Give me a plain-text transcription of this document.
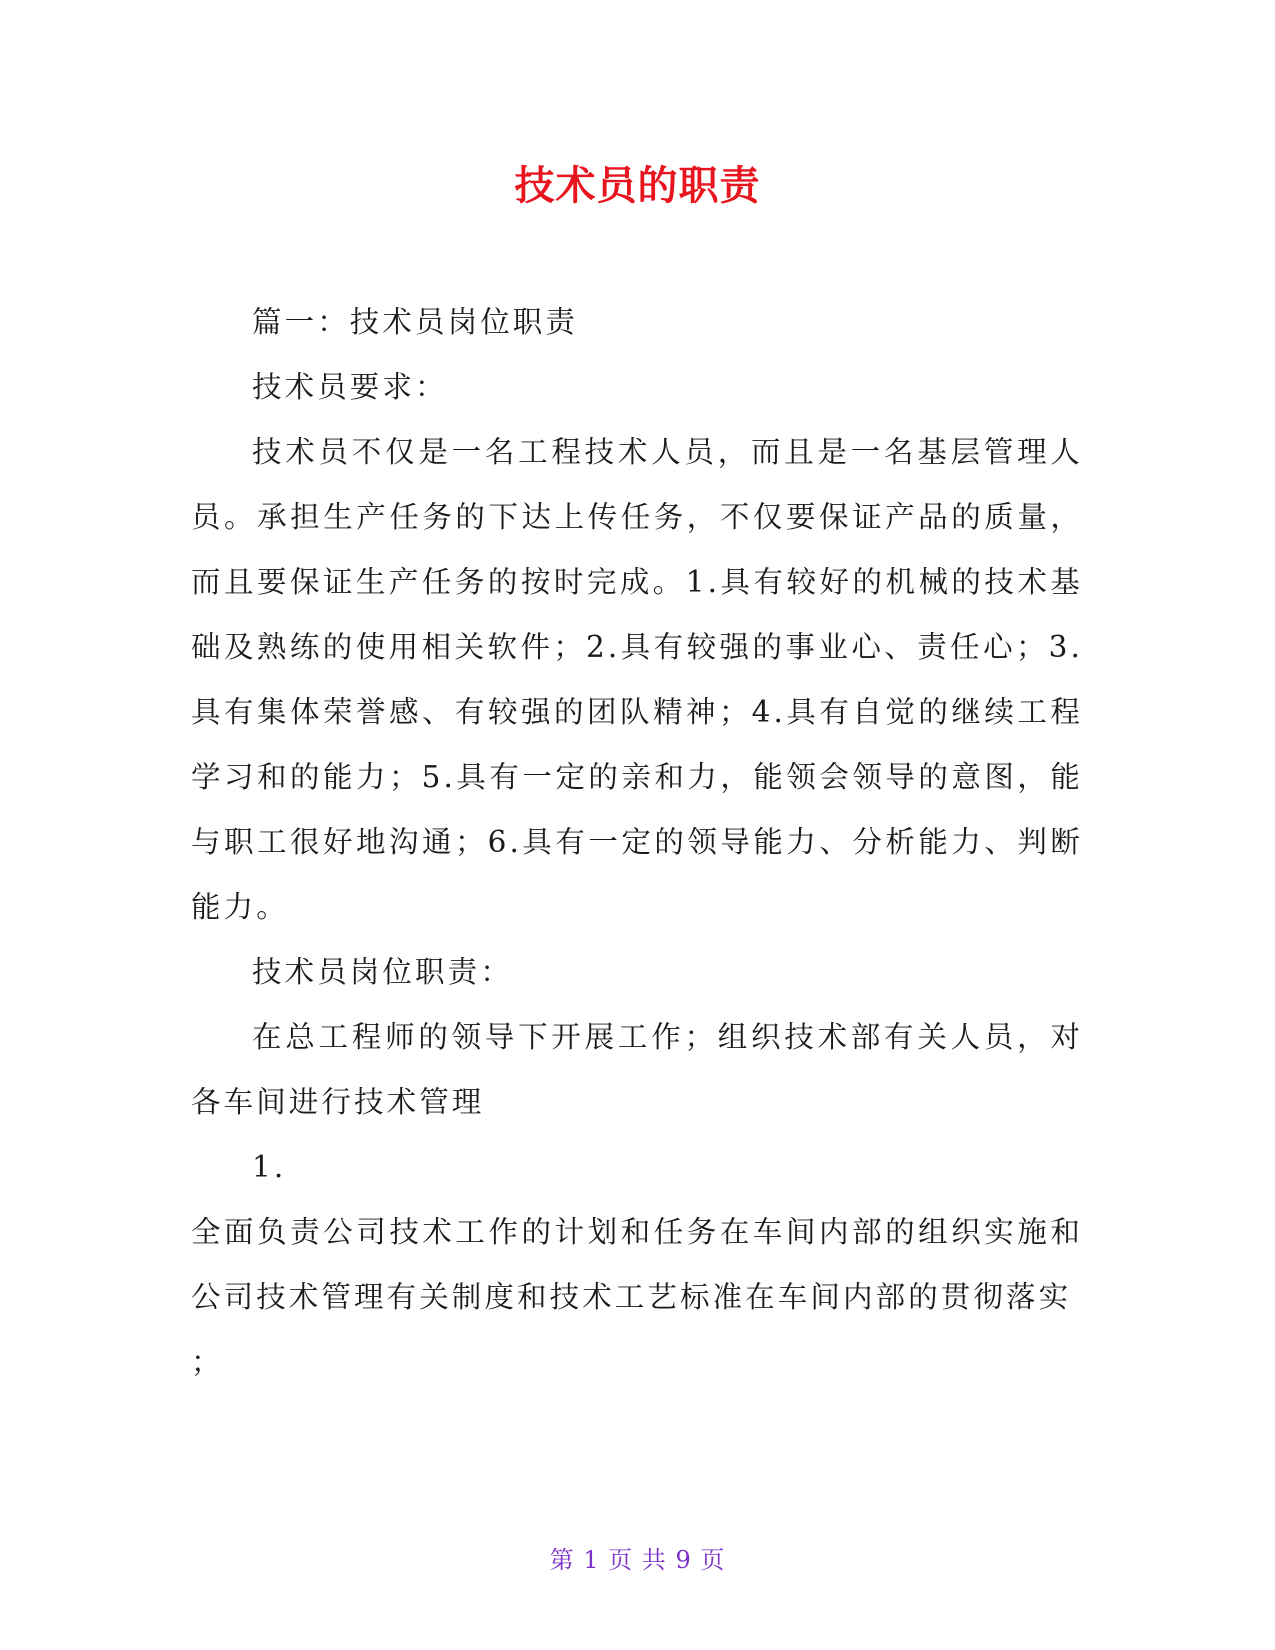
技术员的职责

篇一：技术员岗位职责

技术员要求：

技术员不仅是一名工程技术人员，而且是一名基层管理人员。承担生产任务的下达上传任务，不仅要保证产品的质量，而且要保证生产任务的按时完成。1.具有较好的机械的技术基础及熟练的使用相关软件；2.具有较强的事业心、责任心；3.具有集体荣誉感、有较强的团队精神；4.具有自觉的继续工程学习和的能力；5.具有一定的亲和力，能领会领导的意图，能与职工很好地沟通；6.具有一定的领导能力、分析能力、判断能力。

技术员岗位职责：

在总工程师的领导下开展工作；组织技术部有关人员，对各车间进行技术管理

1.

全面负责公司技术工作的计划和任务在车间内部的组织实施和公司技术管理有关制度和技术工艺标准在车间内部的贯彻落实

；

第 1 页 共 9 页
